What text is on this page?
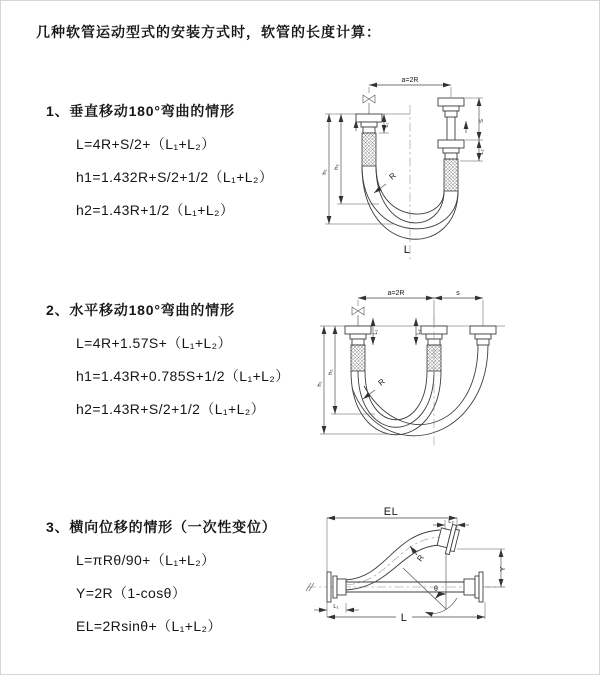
几种软管运动型式的安装方式时，软管的长度计算：
1、垂直移动180°弯曲的情形
L=4R+S/2+（L₁+L₂）
h1=1.432R+S/2+1/2（L₁+L₂）
h2=1.43R+1/2（L₁+L₂）
2、水平移动180°弯曲的情形
L=4R+1.57S+（L₁+L₂）
h1=1.43R+0.785S+1/2（L₁+L₂）
h2=1.43R+S/2+1/2（L₁+L₂）
3、横向位移的情形（一次性变位）
L=πRθ/90+（L₁+L₂）
Y=2R（1-cosθ）
EL=2Rsinθ+（L₁+L₂）
a=2R
h₁
h₂
L₁
S
L₂
R
L
a=2R	s
h₁
h₂
L₁	L₂
R
θ
R
EL
L₂
Y
L
L₁
